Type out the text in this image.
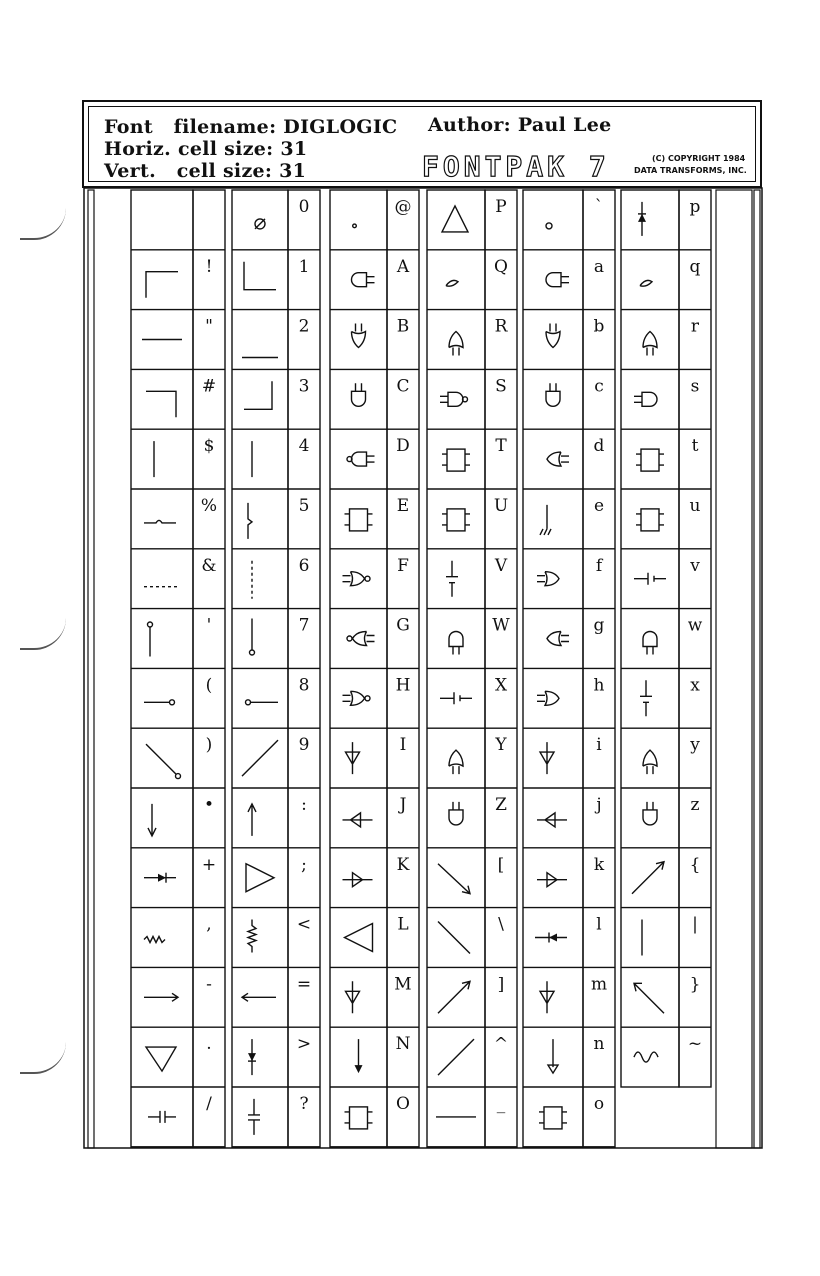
Font   filename: DIGLOGIC Author: Paul Lee
Horiz. cell size: 31
Vert.   cell size: 31	FONTPAK 7	(C) COPYRIGHT 1984
DATA TRANSFORMS, INC.
!
"
#
$
%
&
'
(
)
•
+
,
-
.
/
0
1
2
3
4
5
6
7
8
9
:
;
<
=
>
?
@
A
B
C
D
E
F
G
H
I
J
K
L
M
N
O
P
Q
R
S
T
U
V
W
X
Y
Z
[
\
]
^
_
`
a
b
c
d
e
f
g
h
i
j
k
l
m
n
o
p
q
r
s
t
u
v
w
x
y
z
{
|
}
~
